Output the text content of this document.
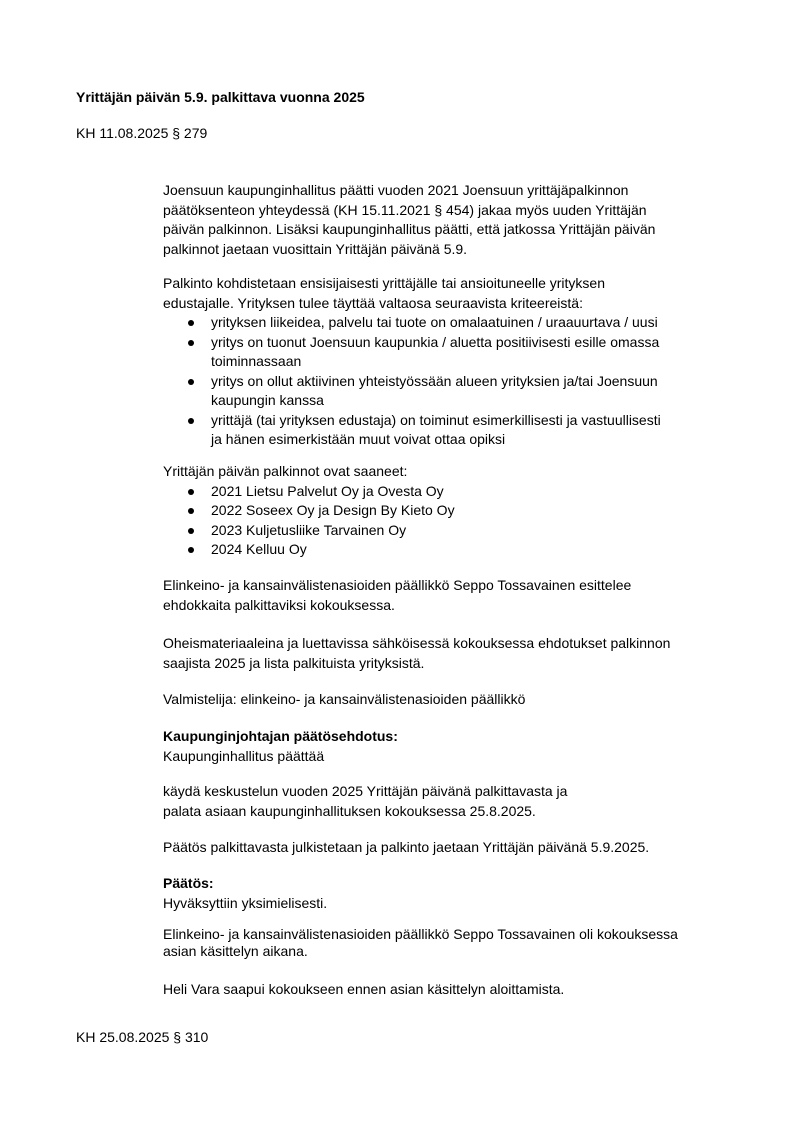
Yrittäjän päivän 5.9. palkittava vuonna 2025
KH 11.08.2025 § 279
Joensuun kaupunginhallitus päätti vuoden 2021 Joensuun yrittäjäpalkinnon
päätöksenteon yhteydessä (KH 15.11.2021 § 454) jakaa myös uuden Yrittäjän
päivän palkinnon. Lisäksi kaupunginhallitus päätti, että jatkossa Yrittäjän päivän
palkinnot jaetaan vuosittain Yrittäjän päivänä 5.9.
Palkinto kohdistetaan ensisijaisesti yrittäjälle tai ansioituneelle yrityksen
edustajalle. Yrityksen tulee täyttää valtaosa seuraavista kriteereistä:
yrityksen liikeidea, palvelu tai tuote on omalaatuinen / uraauurtava / uusi
yritys on tuonut Joensuun kaupunkia / aluetta positiivisesti esille omassa
toiminnassaan
yritys on ollut aktiivinen yhteistyössään alueen yrityksien ja/tai Joensuun
kaupungin kanssa
yrittäjä (tai yrityksen edustaja) on toiminut esimerkillisesti ja vastuullisesti
ja hänen esimerkistään muut voivat ottaa opiksi
Yrittäjän päivän palkinnot ovat saaneet:
2021 Lietsu Palvelut Oy ja Ovesta Oy
2022 Soseex Oy ja Design By Kieto Oy
2023 Kuljetusliike Tarvainen Oy
2024 Kelluu Oy
Elinkeino- ja kansainvälistenasioiden päällikkö Seppo Tossavainen esittelee
ehdokkaita palkittaviksi kokouksessa.
Oheismateriaaleina ja luettavissa sähköisessä kokouksessa ehdotukset palkinnon
saajista 2025 ja lista palkituista yrityksistä.
Valmistelija: elinkeino- ja kansainvälistenasioiden päällikkö
Kaupunginjohtajan päätösehdotus:
Kaupunginhallitus päättää
käydä keskustelun vuoden 2025 Yrittäjän päivänä palkittavasta ja
palata asiaan kaupunginhallituksen kokouksessa 25.8.2025.
Päätös palkittavasta julkistetaan ja palkinto jaetaan Yrittäjän päivänä 5.9.2025.
Päätös:
Hyväksyttiin yksimielisesti.
Elinkeino- ja kansainvälistenasioiden päällikkö Seppo Tossavainen oli kokouksessa
asian käsittelyn aikana.
Heli Vara saapui kokoukseen ennen asian käsittelyn aloittamista.
KH 25.08.2025 § 310
